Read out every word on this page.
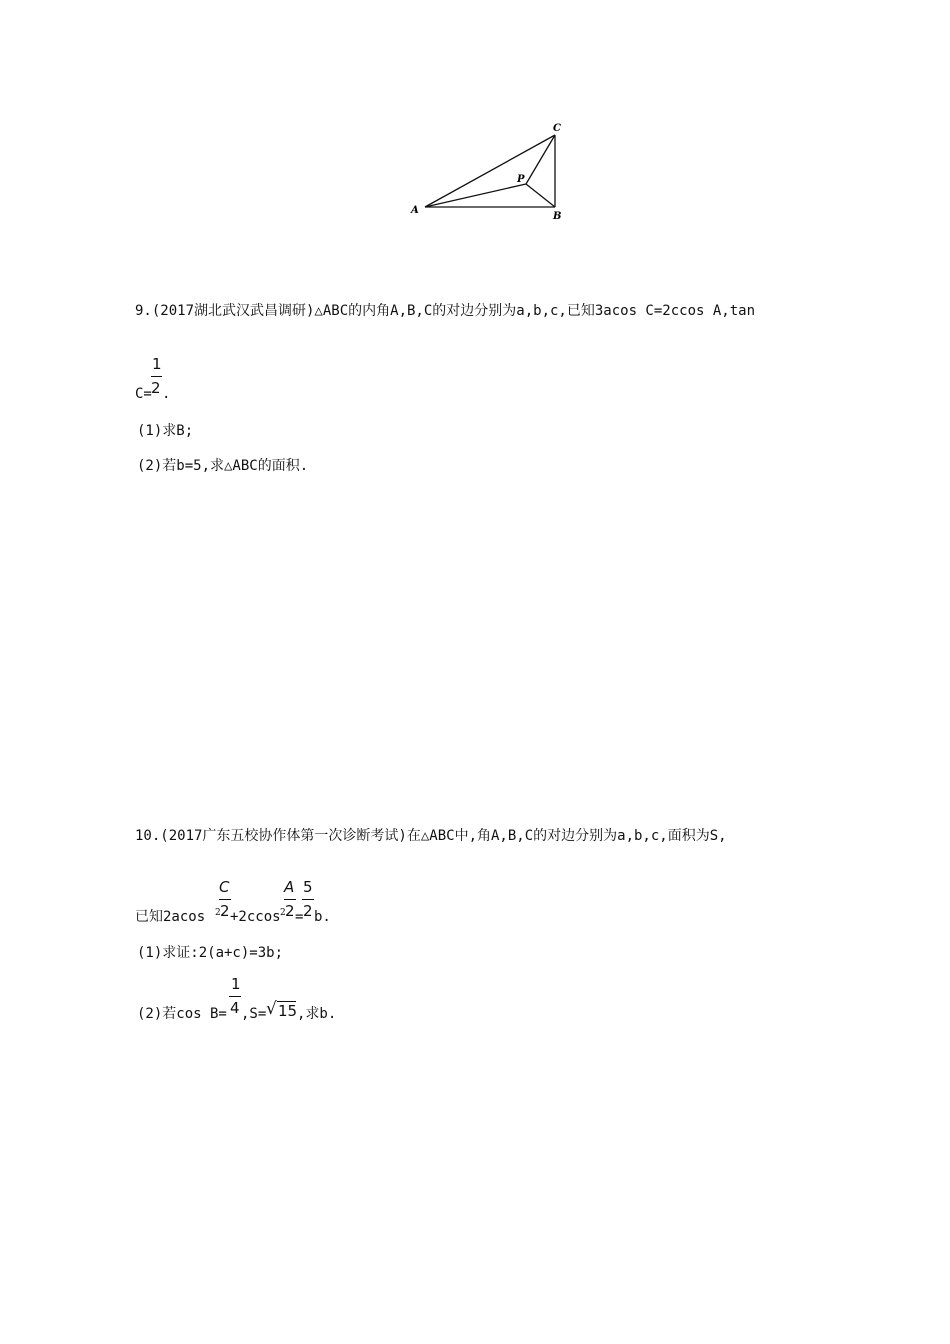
C
P
A
B
9.(2017湖北武汉武昌调研)△ABC的内角A,B,C的对边分别为a,b,c,已知3acos C=2ccos A,tan
C=
1
2 .
(1)求B;
(2)若b=5,求△ABC的面积.
10.(2017广东五校协作体第一次诊断考试)在△ABC中,角A,B,C的对边分别为a,b,c,面积为S,
已知2acos 2
C
2 +2ccos 2
A
2 =
5
2 b.
(1)求证:2(a+c)=3b;
(2)若cos B=
1
4 ,S= √ 15 ,求b.
